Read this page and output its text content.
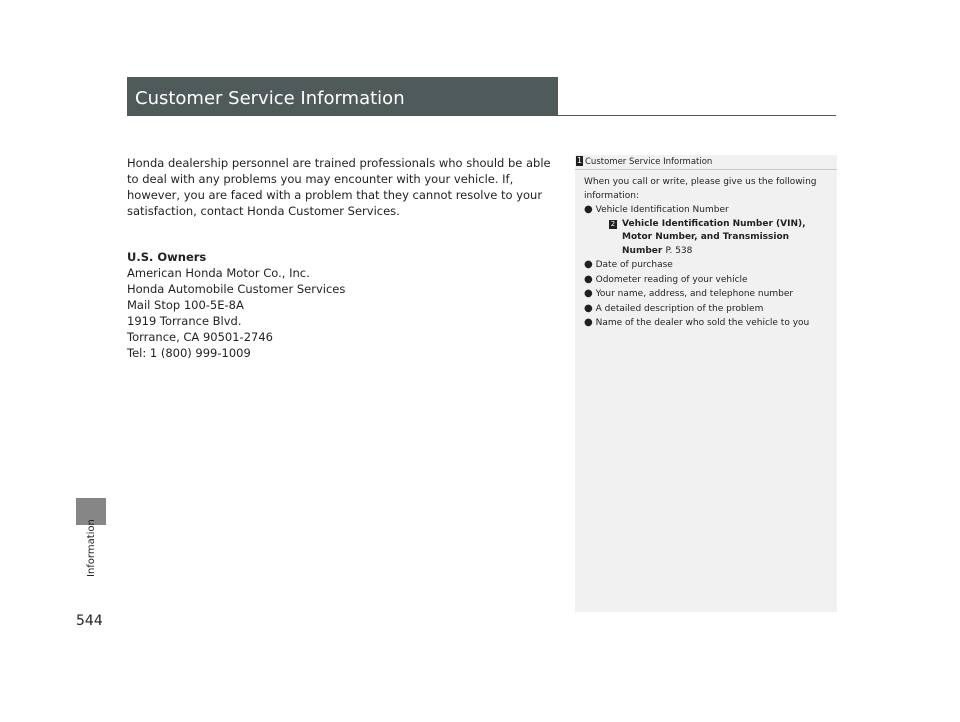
Customer Service Information
Information
544

Honda dealership personnel are trained professionals who should be able to deal with any problems you may encounter with your vehicle. If, however, you are faced with a problem that they cannot resolve to your satisfaction, contact Honda Customer Services.

U.S. Owners

American Honda Motor Co., Inc.

Honda Automobile Customer Services

Mail Stop 100-5E-8A

1919 Torrance Blvd.

Torrance, CA 90501-2746

Tel: 1 (800) 999-1009

1 Customer Service Information

When you call or write, please give us the following information:

● Vehicle Identification Number
2 Vehicle Identification Number (VIN), Motor Number, and Transmission Number P. 538
● Date of purchase
● Odometer reading of your vehicle
● Your name, address, and telephone number
● A detailed description of the problem
● Name of the dealer who sold the vehicle to you
